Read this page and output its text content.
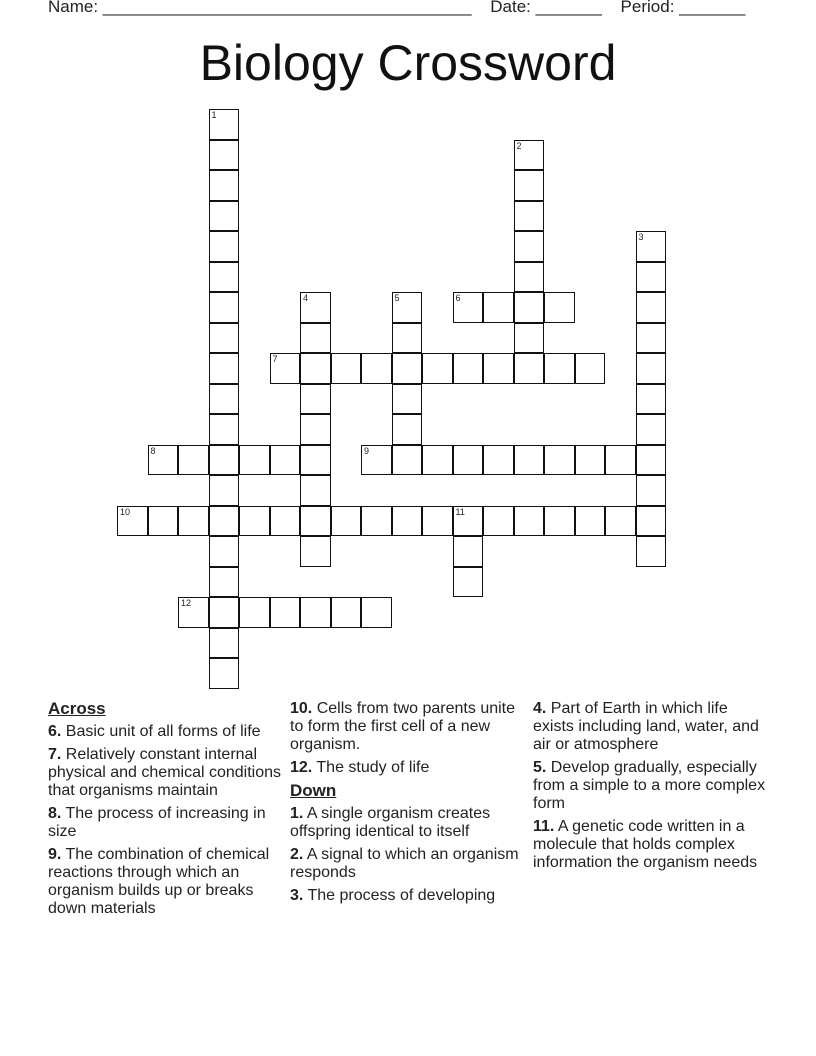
Name: _______________________________________ Date: _______ Period: _______
Biology Crossword
1
2
3
4	5	6
7
8	9
10	11
12
Across
6. Basic unit of all forms of life
7. Relatively constant internal physical and chemical conditions that organisms maintain
8. The process of increasing in size
9. The combination of chemical reactions through which an organism builds up or breaks down materials
10. Cells from two parents unite to form the first cell of a new organism.
12. The study of life
Down
1. A single organism creates offspring identical to itself
2. A signal to which an organism responds
3. The process of developing
4. Part of Earth in which life exists including land, water, and air or atmosphere
5. Develop gradually, especially from a simple to a more complex form
11. A genetic code written in a molecule that holds complex information the organism needs
